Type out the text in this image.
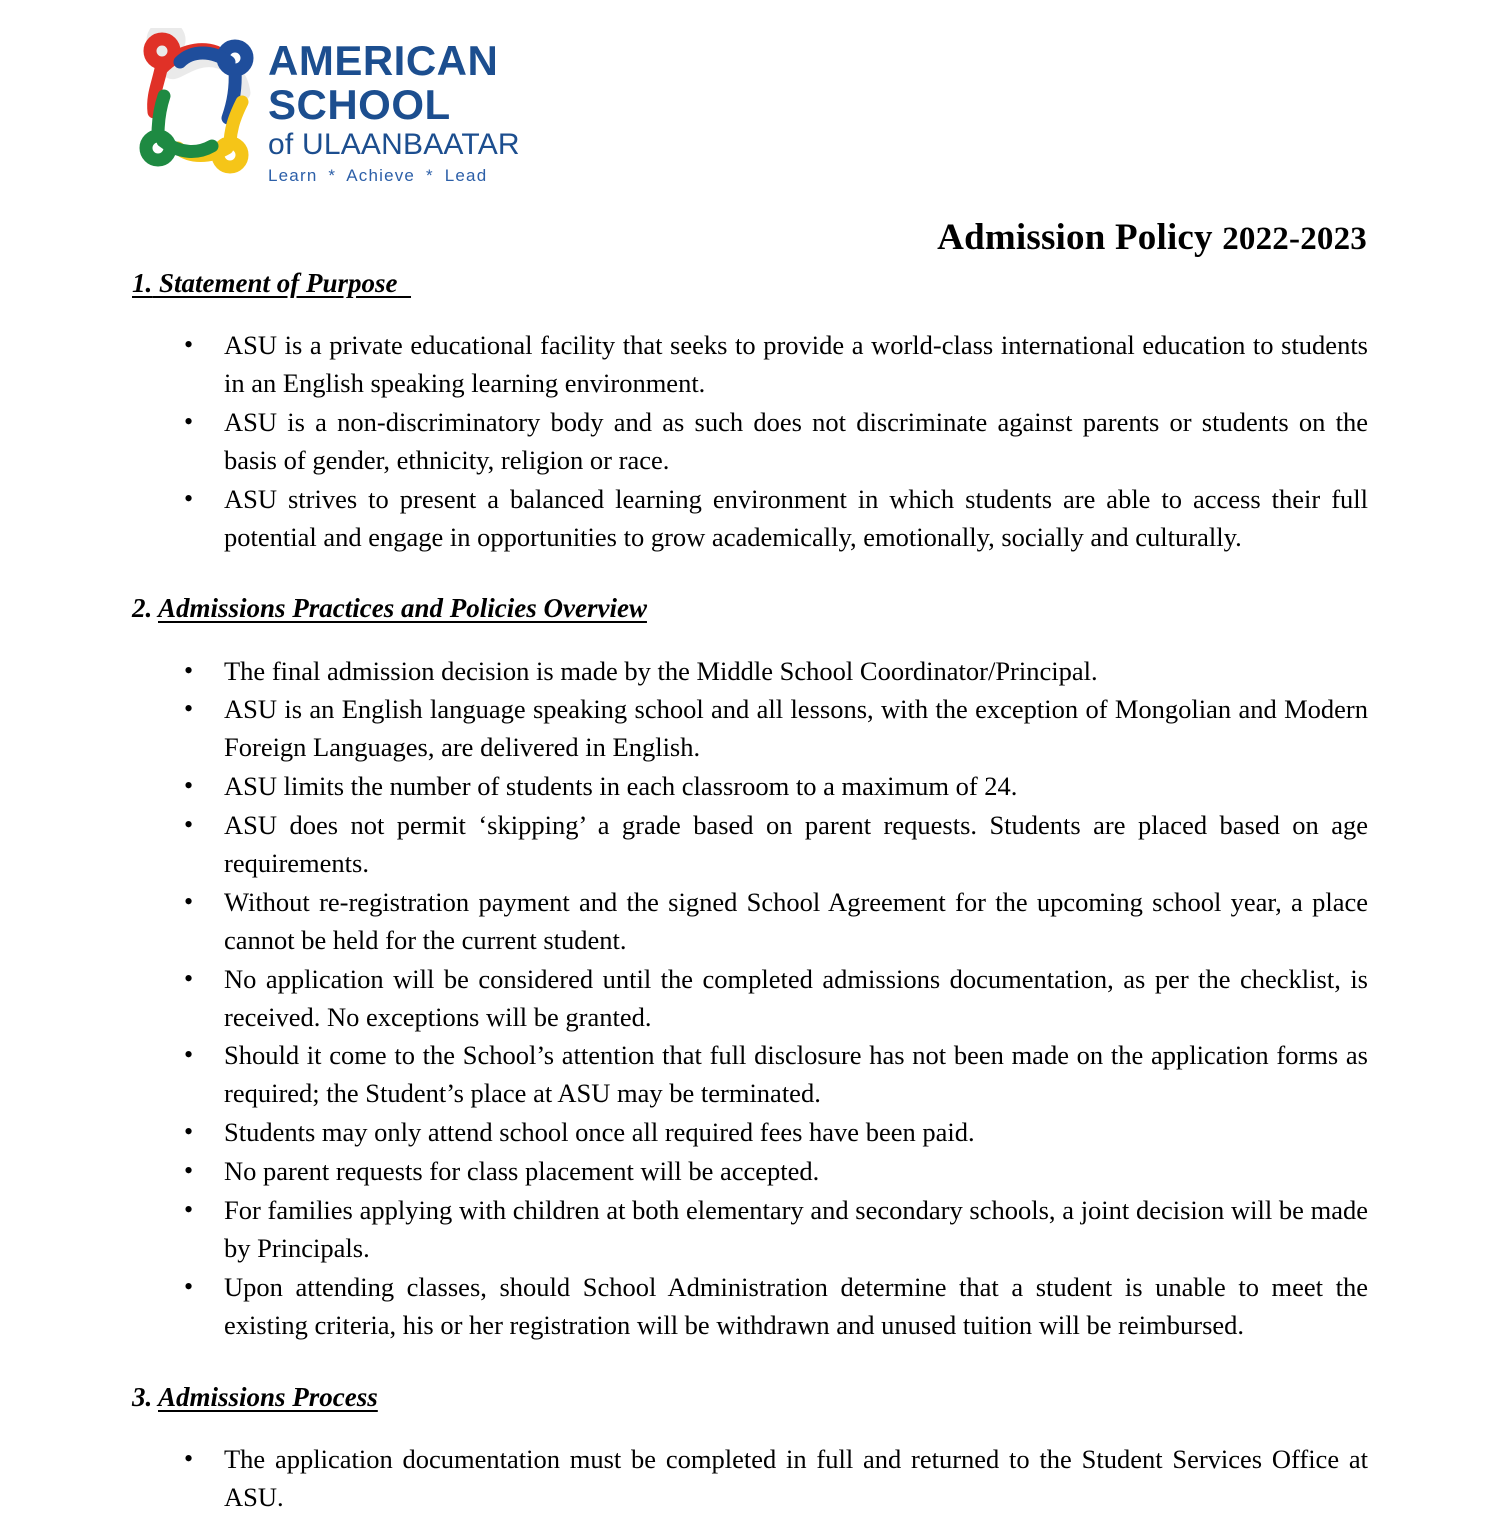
AMERICAN
SCHOOL
of ULAANBAATAR
Learn * Achieve * Lead
Admission Policy 2022-2023
1. Statement of Purpose
• ASU is a private educational facility that seeks to provide a world-class international education to students in an English speaking learning environment.
• ASU is a non-discriminatory body and as such does not discriminate against parents or students on the basis of gender, ethnicity, religion or race.
• ASU strives to present a balanced learning environment in which students are able to access their full potential and engage in opportunities to grow academically, emotionally, socially and culturally.
2. Admissions Practices and Policies Overview
• The final admission decision is made by the Middle School Coordinator/Principal.
• ASU is an English language speaking school and all lessons, with the exception of Mongolian and Modern Foreign Languages, are delivered in English.
• ASU limits the number of students in each classroom to a maximum of 24.
• ASU does not permit ‘skipping’ a grade based on parent requests. Students are placed based on age requirements.
• Without re-registration payment and the signed School Agreement for the upcoming school year, a place cannot be held for the current student.
• No application will be considered until the completed admissions documentation, as per the checklist, is received. No exceptions will be granted.
• Should it come to the School’s attention that full disclosure has not been made on the application forms as required; the Student’s place at ASU may be terminated.
• Students may only attend school once all required fees have been paid.
• No parent requests for class placement will be accepted.
• For families applying with children at both elementary and secondary schools, a joint decision will be made by Principals.
• Upon attending classes, should School Administration determine that a student is unable to meet the existing criteria, his or her registration will be withdrawn and unused tuition will be reimbursed.
3. Admissions Process
• The application documentation must be completed in full and returned to the Student Services Office at ASU.
